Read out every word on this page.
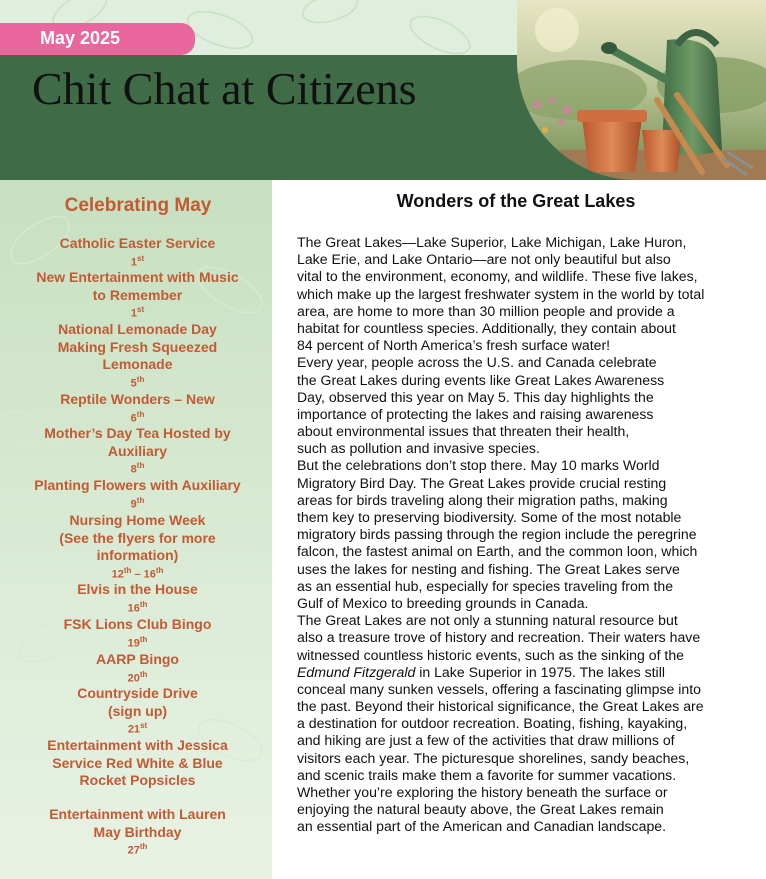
May 2025
Chit Chat at Citizens
Celebrating May
Catholic Easter Service
1st
New Entertainment with Music
to Remember
1st
National Lemonade Day
Making Fresh Squeezed
Lemonade
5th
Reptile Wonders – New
6th
Mother’s Day Tea Hosted by
Auxiliary
8th
Planting Flowers with Auxiliary
9th
Nursing Home Week
(See the flyers for more
information)
12th – 16th
Elvis in the House
16th
FSK Lions Club Bingo
19th
AARP Bingo
20th
Countryside Drive
(sign up)
21st
Entertainment with Jessica
Service Red White & Blue
Rocket Popsicles
Entertainment with Lauren
May Birthday
27th
Wonders of the Great Lakes
The Great Lakes—Lake Superior, Lake Michigan, Lake Huron,
Lake Erie, and Lake Ontario—are not only beautiful but also
vital to the environment, economy, and wildlife. These five lakes,
which make up the largest freshwater system in the world by total
area, are home to more than 30 million people and provide a
habitat for countless species. Additionally, they contain about
84 percent of North America’s fresh surface water!
Every year, people across the U.S. and Canada celebrate
the Great Lakes during events like Great Lakes Awareness
Day, observed this year on May 5. This day highlights the
importance of protecting the lakes and raising awareness
about environmental issues that threaten their health,
such as pollution and invasive species.
But the celebrations don’t stop there. May 10 marks World
Migratory Bird Day. The Great Lakes provide crucial resting
areas for birds traveling along their migration paths, making
them key to preserving biodiversity. Some of the most notable
migratory birds passing through the region include the peregrine
falcon, the fastest animal on Earth, and the common loon, which
uses the lakes for nesting and fishing. The Great Lakes serve
as an essential hub, especially for species traveling from the
Gulf of Mexico to breeding grounds in Canada.
The Great Lakes are not only a stunning natural resource but
also a treasure trove of history and recreation. Their waters have
witnessed countless historic events, such as the sinking of the
Edmund Fitzgerald in Lake Superior in 1975. The lakes still
conceal many sunken vessels, offering a fascinating glimpse into
the past. Beyond their historical significance, the Great Lakes are
a destination for outdoor recreation. Boating, fishing, kayaking,
and hiking are just a few of the activities that draw millions of
visitors each year. The picturesque shorelines, sandy beaches,
and scenic trails make them a favorite for summer vacations.
Whether you’re exploring the history beneath the surface or
enjoying the natural beauty above, the Great Lakes remain
an essential part of the American and Canadian landscape.
